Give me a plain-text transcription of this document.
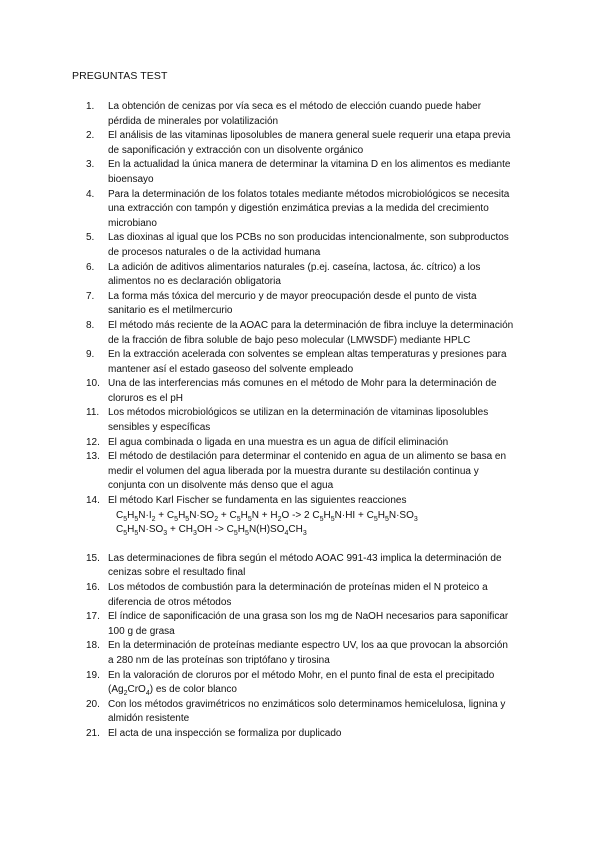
PREGUNTAS TEST
1.	La obtención de cenizas por vía seca es el método de elección cuando puede haber pérdida de minerales por volatilización
2.	El análisis de las vitaminas liposolubles de manera general suele requerir una etapa previa de saponificación y extracción con un disolvente orgánico
3.	En la actualidad la única manera de determinar la vitamina D en los alimentos es mediante bioensayo
4.	Para la determinación de los folatos totales mediante métodos microbiológicos se necesita una extracción con tampón y digestión enzimática previas a la medida del crecimiento microbiano
5.	Las dioxinas al igual que los PCBs no son producidas intencionalmente, son subproductos de procesos naturales o de la actividad humana
6.	La adición de aditivos alimentarios naturales (p.ej. caseína, lactosa, ác. cítrico) a los alimentos no es declaración obligatoria
7.	La forma más tóxica del mercurio y de mayor preocupación desde el punto de vista sanitario es el metilmercurio
8.	El método más reciente de la AOAC para la determinación de fibra incluye la determinación de la fracción de fibra soluble de bajo peso molecular (LMWSDF) mediante HPLC
9.	En la extracción acelerada con solventes se emplean altas temperaturas y presiones para mantener así el estado gaseoso del solvente empleado
10. Una de las interferencias más comunes en el método de Mohr para la determinación de cloruros es el pH
11. Los métodos microbiológicos se utilizan en la determinación de vitaminas liposolubles sensibles y específicas
12. El agua combinada o ligada en una muestra es un agua de difícil eliminación
13. El método de destilación para determinar el contenido en agua de un alimento se basa en medir el volumen del agua liberada por la muestra durante su destilación continua y conjunta con un disolvente más denso que el agua
14. El método Karl Fischer se fundamenta en las siguientes reacciones
$C_5H_5N\cdot I_2 + C_5H_5N\cdot SO_2 + C_5H_5N + H_2O -> 2$ $C_5H_5N\cdot HI + C_5H_5N\cdot SO_3$
$C_5H_5N\cdot SO_3 + CH_3OH -> C_5H_5N(H)SO_4CH_3$
15. Las determinaciones de fibra según el método AOAC 991-43 implica la determinación de cenizas sobre el resultado final
16. Los métodos de combustión para la determinación de proteínas miden el N proteico a diferencia de otros métodos
17. El índice de saponificación de una grasa son los mg de NaOH necesarios para saponificar 100 g de grasa
18. En la determinación de proteínas mediante espectro UV, los aa que provocan la absorción a 280 nm de las proteínas son triptófano y tirosina
19. En la valoración de cloruros por el método Mohr, en el punto final de esta el precipitado $(Ag_2CrO_4)$ es de color blanco
20. Con los métodos gravimétricos no enzimáticos solo determinamos hemicelulosa, lignina y almidón resistente
21. El acta de una inspección se formaliza por duplicado
